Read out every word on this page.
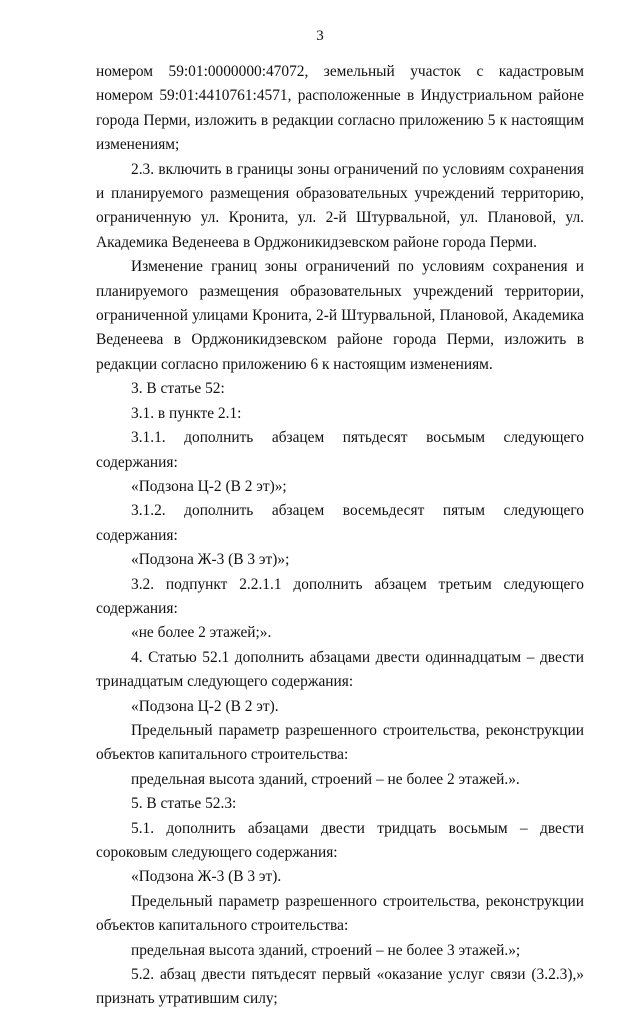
3

номером 59:01:0000000:47072, земельный участок с кадастровым номером 59:01:4410761:4571, расположенные в Индустриальном районе города Перми, изложить в редакции согласно приложению 5 к настоящим изменениям;

2.3. включить в границы зоны ограничений по условиям сохранения и планируемого размещения образовательных учреждений территорию, ограниченную ул. Кронита, ул. 2-й Штурвальной, ул. Плановой, ул. Академика Веденеева в Орджоникидзевском районе города Перми.

Изменение границ зоны ограничений по условиям сохранения и планируемого размещения образовательных учреждений территории, ограниченной улицами Кронита, 2-й Штурвальной, Плановой, Академика Веденеева в Орджоникидзевском районе города Перми, изложить в редакции согласно приложению 6 к настоящим изменениям.

3. В статье 52:

3.1. в пункте 2.1:

3.1.1. дополнить абзацем пятьдесят восьмым следующего содержания:

«Подзона Ц-2 (В 2 эт)»;

3.1.2. дополнить абзацем восемьдесят пятым следующего содержания:

«Подзона Ж-3 (В 3 эт)»;

3.2. подпункт 2.2.1.1 дополнить абзацем третьим следующего содержания:

«не более 2 этажей;».

4. Статью 52.1 дополнить абзацами двести одиннадцатым – двести тринадцатым следующего содержания:

«Подзона Ц-2 (В 2 эт).

Предельный параметр разрешенного строительства, реконструкции объектов капитального строительства:

предельная высота зданий, строений – не более 2 этажей.».

5. В статье 52.3:

5.1. дополнить абзацами двести тридцать восьмым – двести сороковым следующего содержания:

«Подзона Ж-3 (В 3 эт).

Предельный параметр разрешенного строительства, реконструкции объектов капитального строительства:

предельная высота зданий, строений – не более 3 этажей.»;

5.2. абзац двести пятьдесят первый «оказание услуг связи (3.2.3),» признать утратившим силу;
